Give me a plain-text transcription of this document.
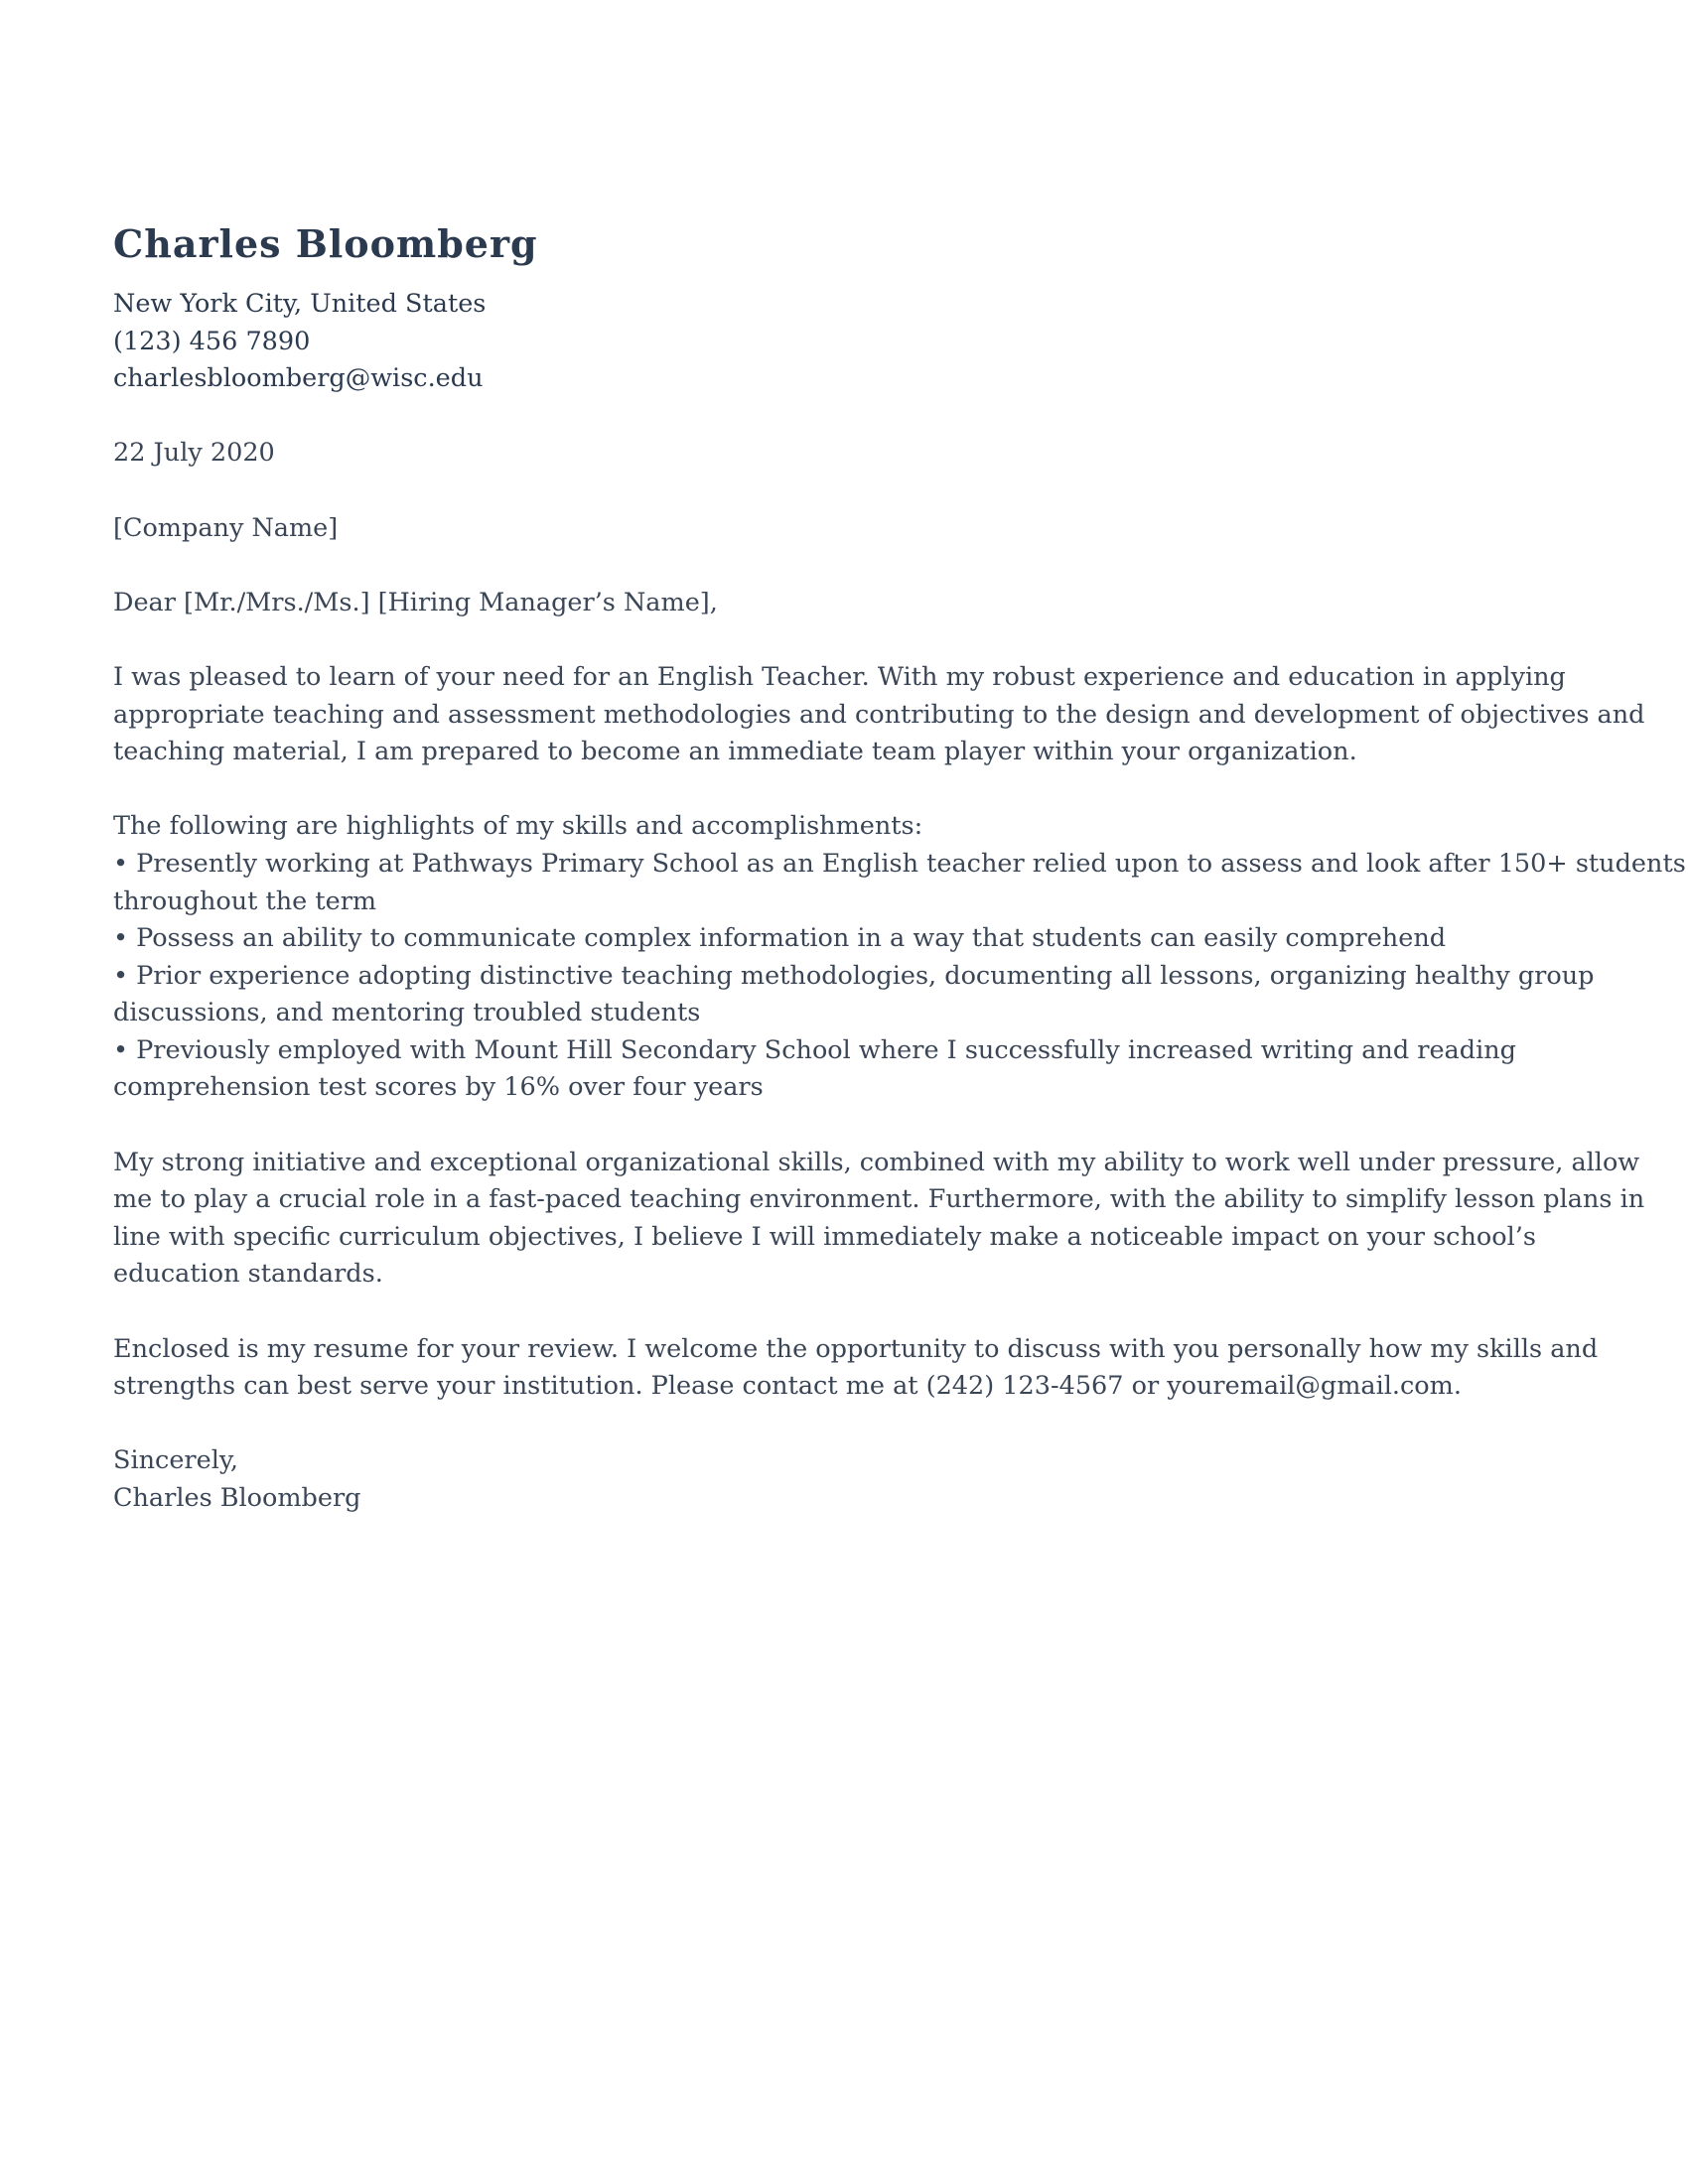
Charles Bloomberg

New York City, United States

(123) 456 7890

charlesbloomberg@wisc.edu

22 July 2020

[Company Name]

Dear [Mr./Mrs./Ms.] [Hiring Manager’s Name],

I was pleased to learn of your need for an English Teacher. With my robust experience and education in applying

appropriate teaching and assessment methodologies and contributing to the design and development of objectives and

teaching material, I am prepared to become an immediate team player within your organization.

The following are highlights of my skills and accomplishments:

• Presently working at Pathways Primary School as an English teacher relied upon to assess and look after 150+ students

throughout the term

• Possess an ability to communicate complex information in a way that students can easily comprehend

• Prior experience adopting distinctive teaching methodologies, documenting all lessons, organizing healthy group

discussions, and mentoring troubled students

• Previously employed with Mount Hill Secondary School where I successfully increased writing and reading

comprehension test scores by 16% over four years

My strong initiative and exceptional organizational skills, combined with my ability to work well under pressure, allow

me to play a crucial role in a fast-paced teaching environment. Furthermore, with the ability to simplify lesson plans in

line with specific curriculum objectives, I believe I will immediately make a noticeable impact on your school’s

education standards.

Enclosed is my resume for your review. I welcome the opportunity to discuss with you personally how my skills and

strengths can best serve your institution. Please contact me at (242) 123-4567 or youremail@gmail.com.

Sincerely,

Charles Bloomberg
